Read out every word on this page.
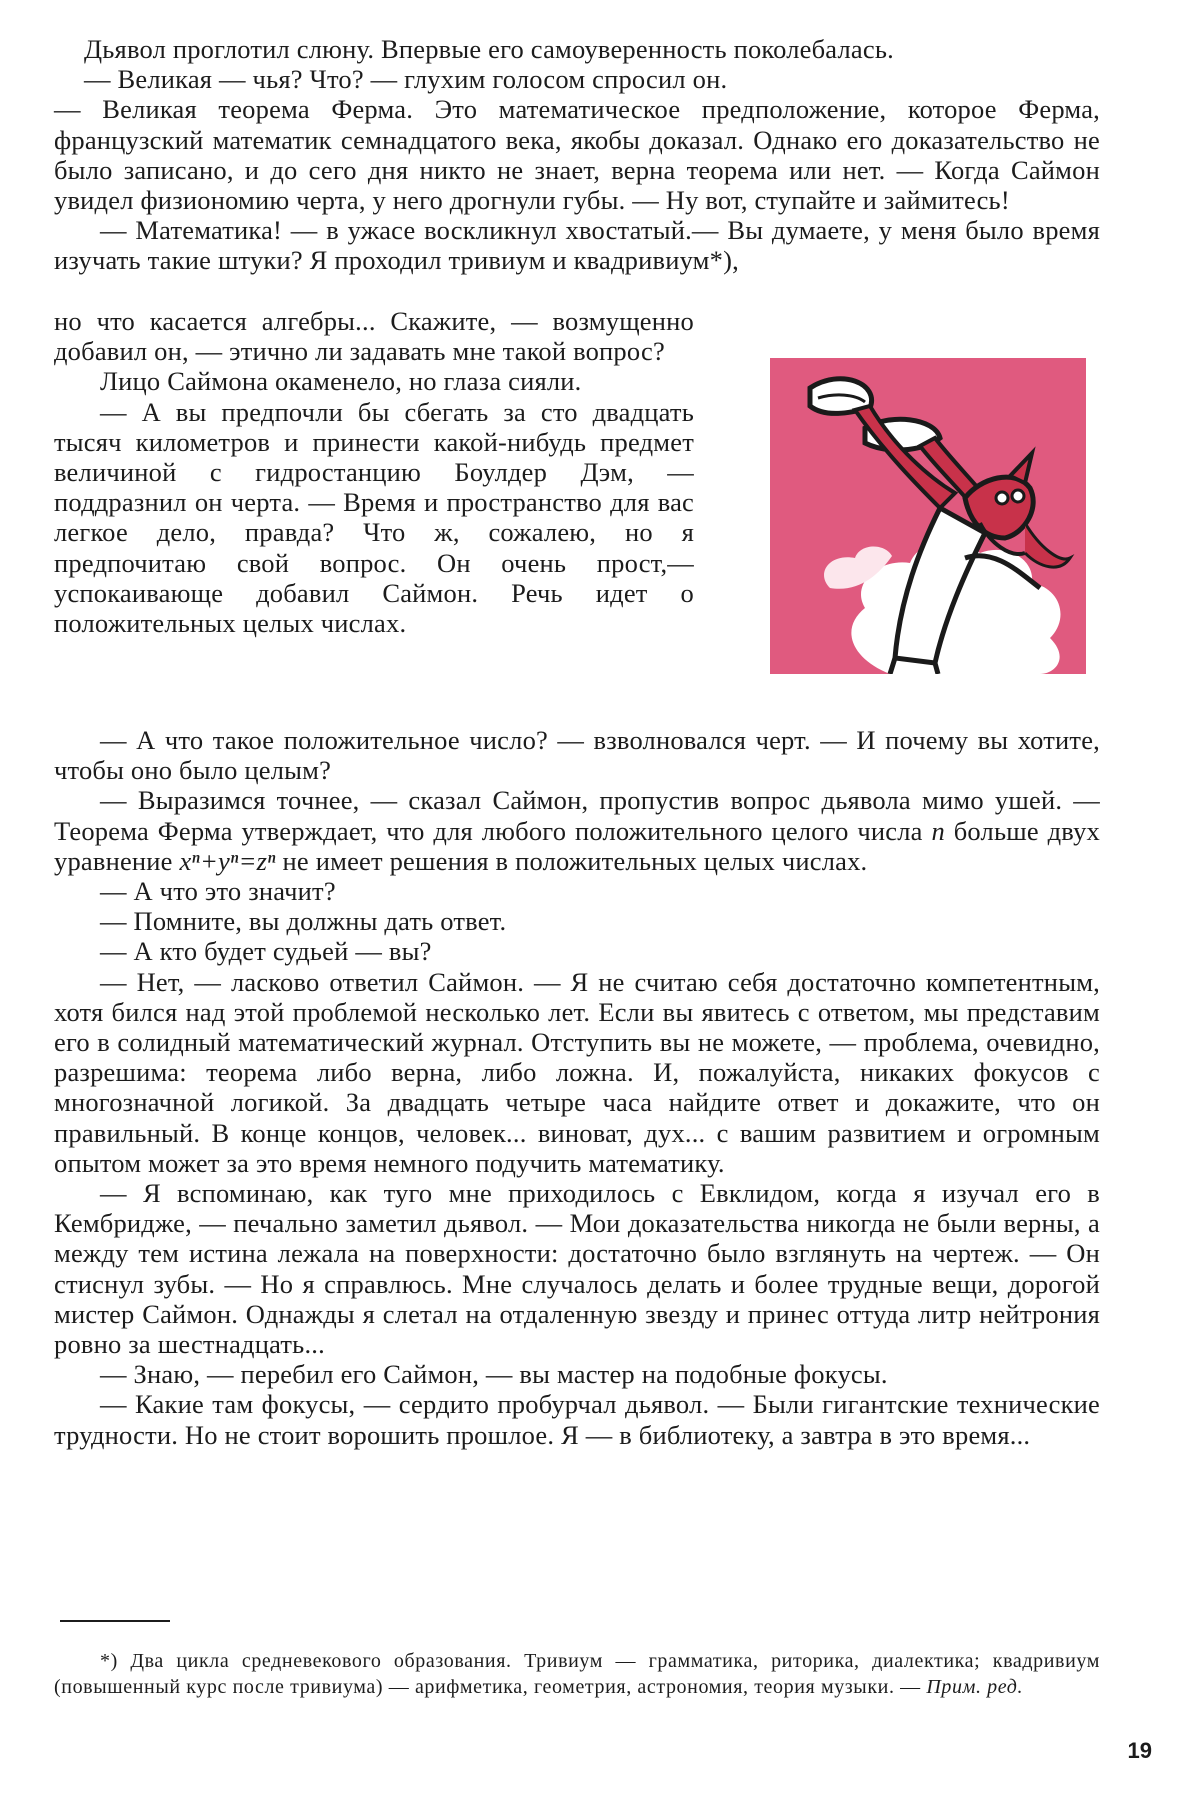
Дьявол проглотил слюну. Впервые его самоуверенность поколебалась.

— Великая — чья? Что? — глухим голосом спросил он.

— Великая теорема Ферма. Это математическое предположение, которое Ферма, французский математик семнадцатого века, якобы доказал. Однако его доказательство не было записано, и до сего дня никто не знает, верна теорема или нет. — Когда Саймон увидел физиономию черта, у него дрогнули губы. — Ну вот, ступайте и займитесь!

— Математика! — в ужасе воскликнул хвостатый.— Вы думаете, у меня было время изучать такие штуки? Я проходил тривиум и квадривиум*),

но что касается алгебры... Скажите, — возмущенно добавил он, — этично ли задавать мне такой вопрос?

Лицо Саймона окаменело, но глаза сияли.

— А вы предпочли бы сбегать за сто двадцать тысяч километров и принести какой-нибудь предмет величиной с гидростанцию Боулдер Дэм, — поддразнил он черта. — Время и пространство для вас легкое дело, правда? Что ж, сожалею, но я предпочитаю свой вопрос. Он очень прост,— успокаивающе добавил Саймон. Речь идет о положительных целых числах.

— А что такое положительное число? — взволновался черт. — И почему вы хотите, чтобы оно было целым?

— Выразимся точнее, — сказал Саймон, пропустив вопрос дьявола мимо ушей. — Теорема Ферма утверждает, что для любого положительного целого числа n больше двух уравнение xⁿ+yⁿ=zⁿ не имеет решения в положительных целых числах.

— А что это значит?

— Помните, вы должны дать ответ.

— А кто будет судьей — вы?

— Нет, — ласково ответил Саймон. — Я не считаю себя достаточно компетентным, хотя бился над этой проблемой несколько лет. Если вы явитесь с ответом, мы представим его в солидный математический журнал. Отступить вы не можете, — проблема, очевидно, разрешима: теорема либо верна, либо ложна. И, пожалуйста, никаких фокусов с многозначной логикой. За двадцать четыре часа найдите ответ и докажите, что он правильный. В конце концов, человек... виноват, дух... с вашим развитием и огромным опытом может за это время немного подучить математику.

— Я вспоминаю, как туго мне приходилось с Евклидом, когда я изучал его в Кембридже, — печально заметил дьявол. — Мои доказательства никогда не были верны, а между тем истина лежала на поверхности: достаточно было взглянуть на чертеж. — Он стиснул зубы. — Но я справлюсь. Мне случалось делать и более трудные вещи, дорогой мистер Саймон. Однажды я слетал на отдаленную звезду и принес оттуда литр нейтрония ровно за шестнадцать...

— Знаю, — перебил его Саймон, — вы мастер на подобные фокусы.

— Какие там фокусы, — сердито пробурчал дьявол. — Были гигантские технические трудности. Но не стоит ворошить прошлое. Я — в библиотеку, а завтра в это время...

*) Два цикла средневекового образования. Тривиум — грамматика, риторика, диалектика; квадривиум (повышенный курс после тривиума) — арифметика, геометрия, астрономия, теория музыки. — Прим. ред.

19
